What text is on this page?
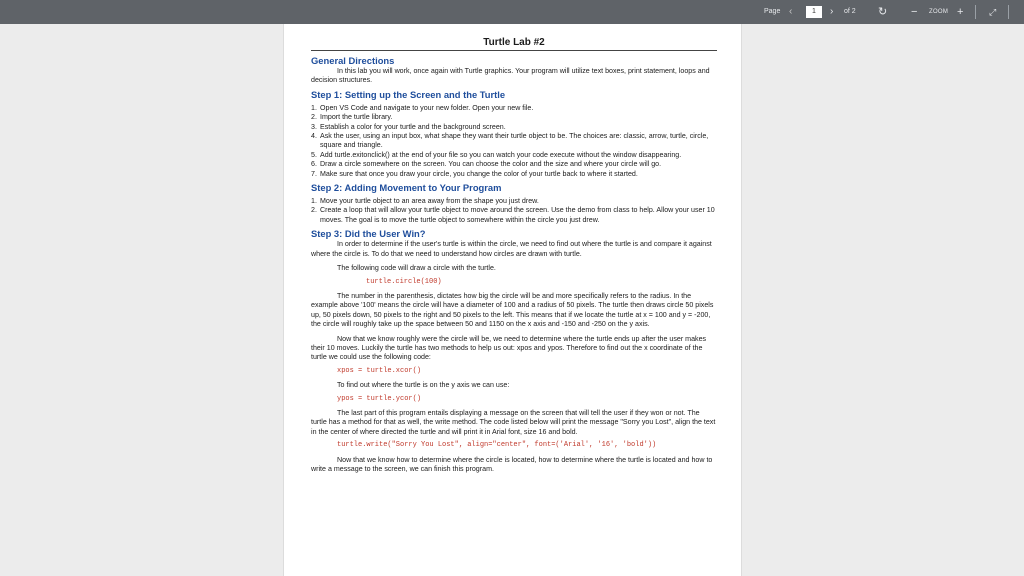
Page ‹	1	› of 2 ↻ − ZOOM +	⤢
Turtle Lab #2
General Directions

In this lab you will work, once again with Turtle graphics. Your program will utilize text boxes, print statement, loops and decision structures.

Step 1: Setting up the Screen and the Turtle
1. Open VS Code and navigate to your new folder. Open your new file.
2. Import the turtle library.
3. Establish a color for your turtle and the background screen.
4. Ask the user, using an input box, what shape they want their turtle object to be. The choices are: classic, arrow, turtle, circle, square and triangle.
5. Add turtle.exitonclick() at the end of your file so you can watch your code execute without the window disappearing.
6. Draw a circle somewhere on the screen. You can choose the color and the size and where your circle will go.
7. Make sure that once you draw your circle, you change the color of your turtle back to where it started.
Step 2: Adding Movement to Your Program
1. Move your turtle object to an area away from the shape you just drew.
2. Create a loop that will allow your turtle object to move around the screen. Use the demo from class to help. Allow your user 10 moves. The goal is to move the turtle object to somewhere within the circle you just drew.
Step 3: Did the User Win?

In order to determine if the user's turtle is within the circle, we need to find out where the turtle is and compare it against where the circle is. To do that we need to understand how circles are drawn with turtle.

The following code will draw a circle with the turtle.

turtle.circle(100)

The number in the parenthesis, dictates how big the circle will be and more specifically refers to the radius. In the example above '100' means the circle will have a diameter of 100 and a radius of 50 pixels. The turtle then draws circle 50 pixels up, 50 pixels down, 50 pixels to the right and 50 pixels to the left. This means that if we locate the turtle at x = 100 and y = -200, the circle will roughly take up the space between 50 and 1150 on the x axis and -150 and -250 on the y axis.

Now that we know roughly were the circle will be, we need to determine where the turtle ends up after the user makes their 10 moves. Luckily the turtle has two methods to help us out: xpos and ypos. Therefore to find out the x coordinate of the turtle we could use the following code:

xpos = turtle.xcor()

To find out where the turtle is on the y axis we can use:

ypos = turtle.ycor()

The last part of this program entails displaying a message on the screen that will tell the user if they won or not. The turtle has a method for that as well, the write method. The code listed below will print the message "Sorry you Lost", align the text in the center of where directed the turtle and will print it in Arial font, size 16 and bold.

turtle.write("Sorry You Lost", align="center", font=('Arial', '16', 'bold'))

Now that we know how to determine where the circle is located, how to determine where the turtle is located and how to write a message to the screen, we can finish this program.
